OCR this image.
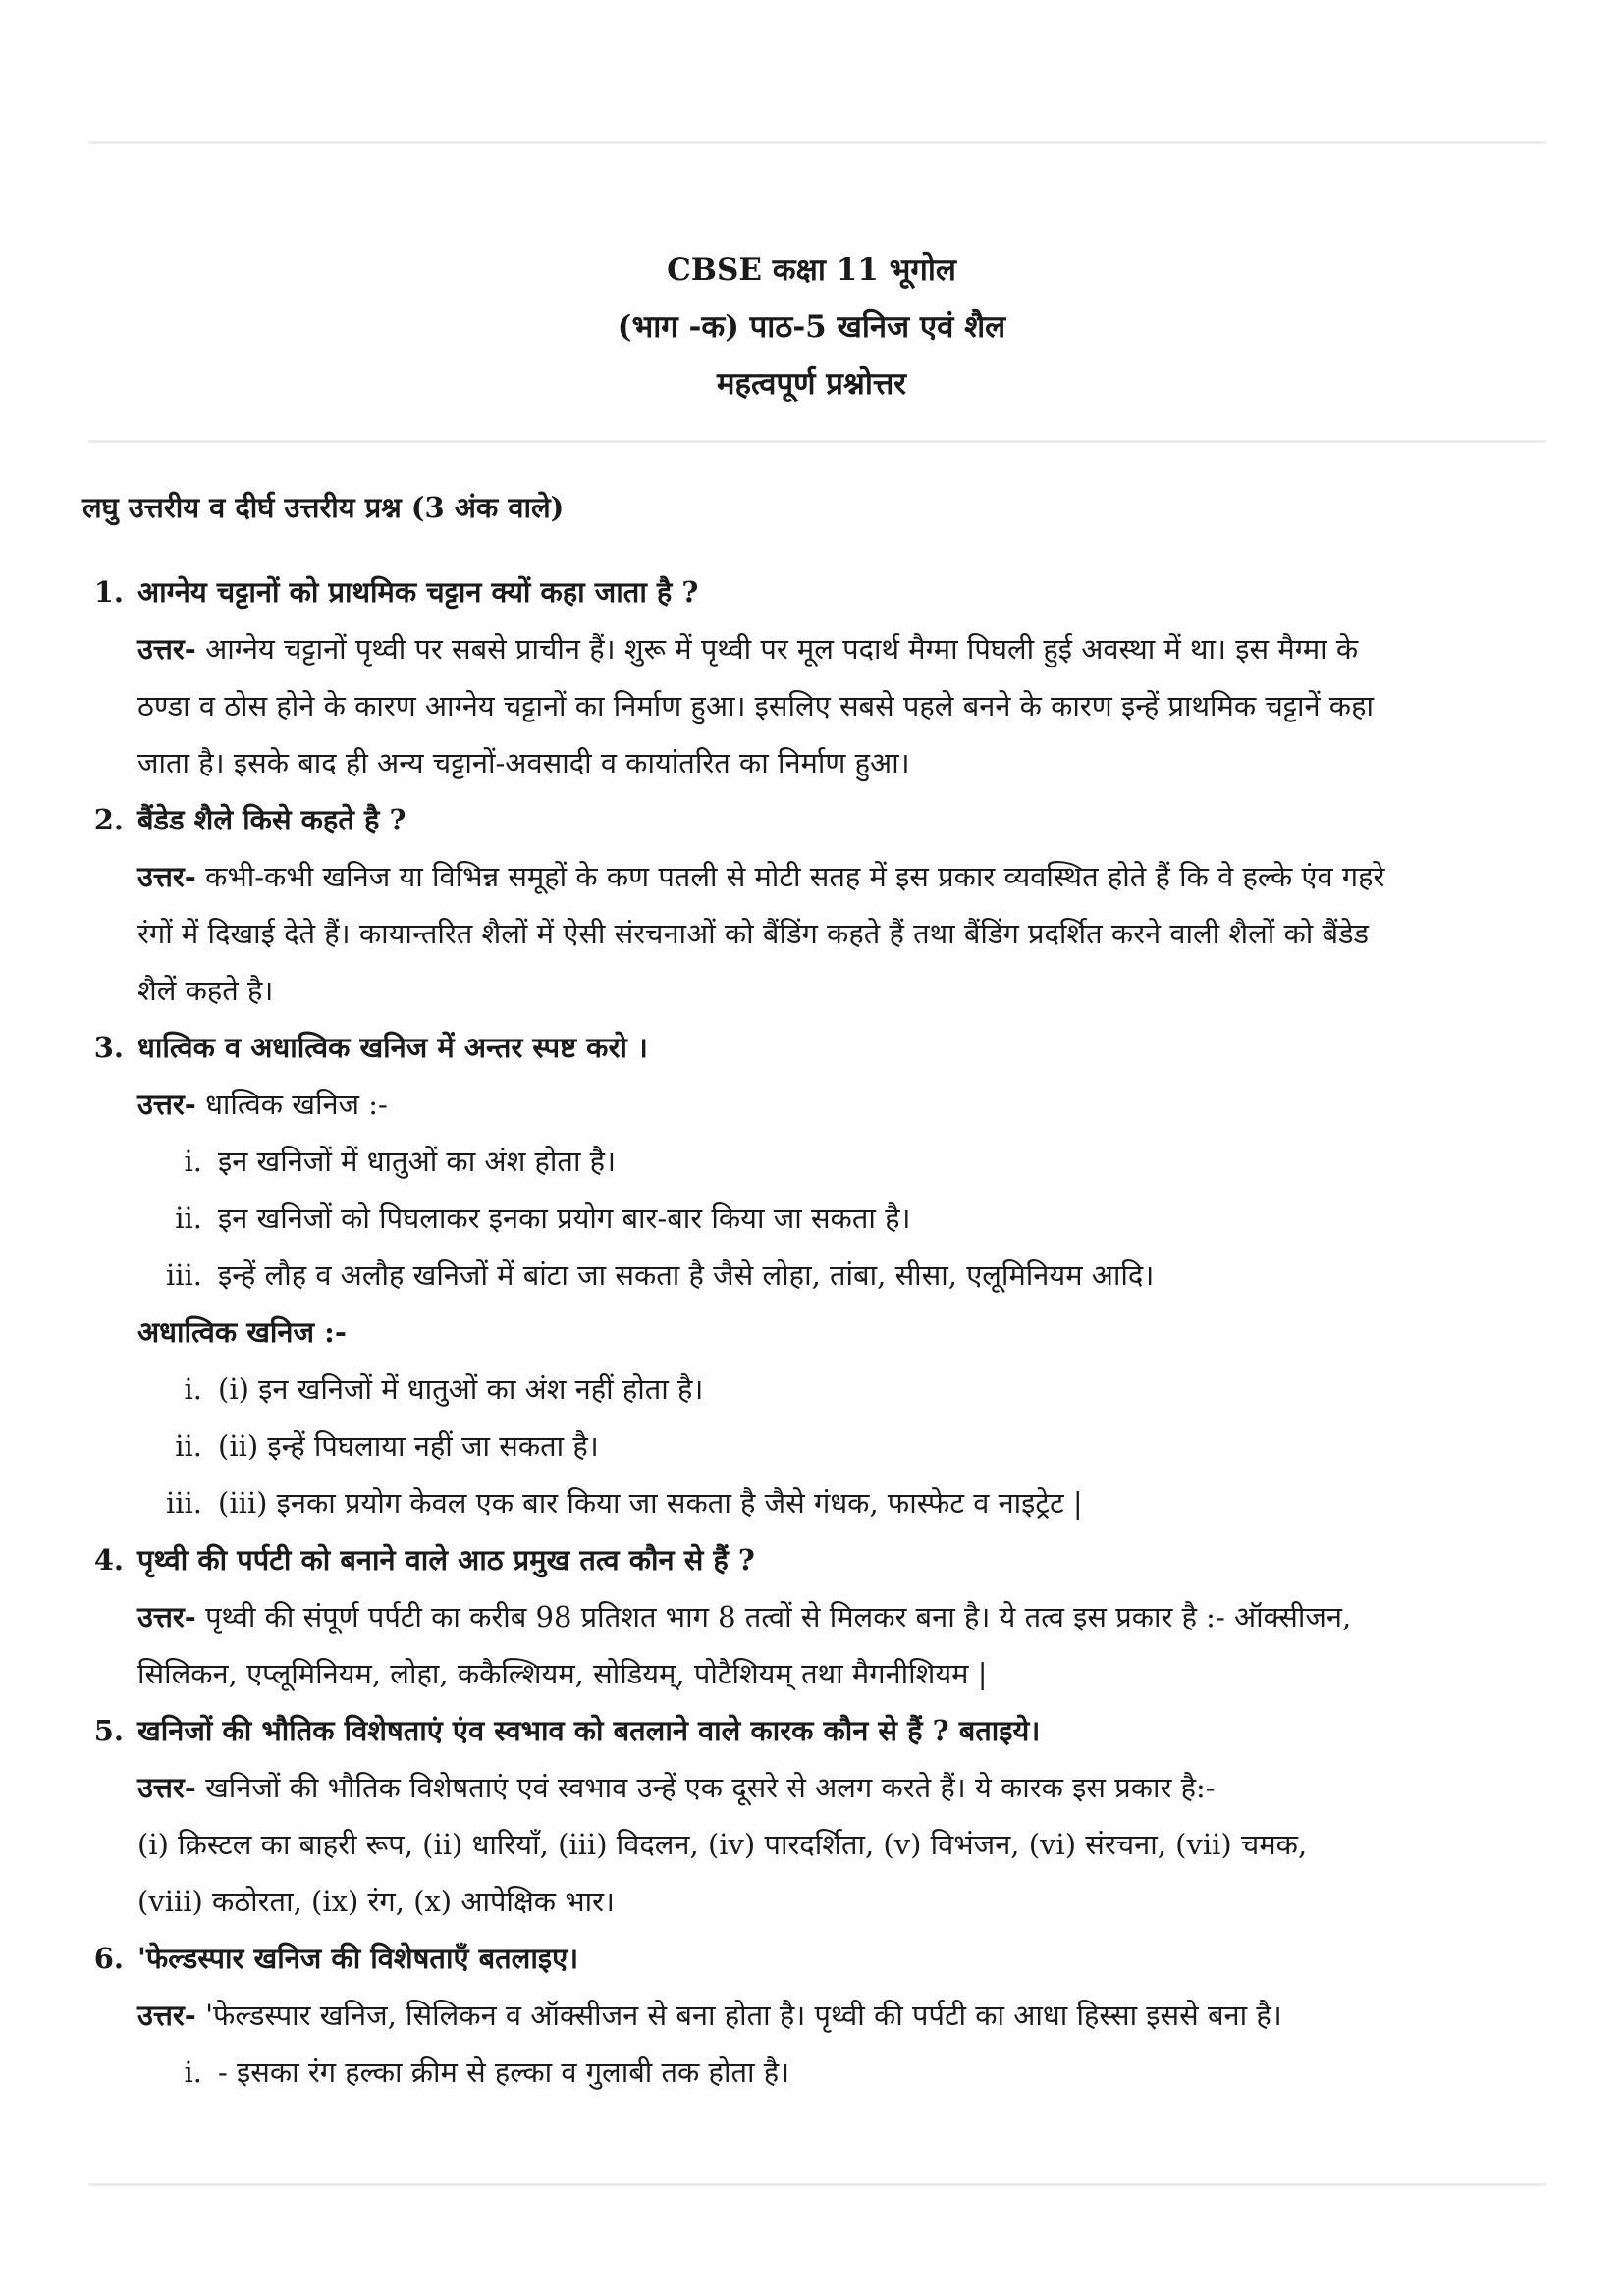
CBSE कक्षा 11 भूगोल
(भाग -क) पाठ-5 खनिज एवं शैल
महत्वपूर्ण प्रश्नोत्तर
लघु उत्तरीय व दीर्घ उत्तरीय प्रश्न (3 अंक वाले)
1. आग्नेय चट्टानों को प्राथमिक चट्टान क्यों कहा जाता है ?
उत्तर- आग्नेय चट्टानों पृथ्वी पर सबसे प्राचीन हैं। शुरू में पृथ्वी पर मूल पदार्थ मैग्मा पिघली हुई अवस्था में था। इस मैग्मा के
ठण्डा व ठोस होने के कारण आग्नेय चट्टानों का निर्माण हुआ। इसलिए सबसे पहले बनने के कारण इन्हें प्राथमिक चट्टानें कहा
जाता है। इसके बाद ही अन्य चट्टानों-अवसादी व कायांतरित का निर्माण हुआ।
2. बैंडेड शैले किसे कहते है ?
उत्तर- कभी-कभी खनिज या विभिन्न समूहों के कण पतली से मोटी सतह में इस प्रकार व्यवस्थित होते हैं कि वे हल्के एंव गहरे
रंगों में दिखाई देते हैं। कायान्तरित शैलों में ऐसी संरचनाओं को बैंडिंग कहते हैं तथा बैंडिंग प्रदर्शित करने वाली शैलों को बैंडेड
शैलें कहते है।
3. धात्विक व अधात्विक खनिज में अन्तर स्पष्ट करो ।
उत्तर- धात्विक खनिज :-
i. इन खनिजों में धातुओं का अंश होता है।
ii. इन खनिजों को पिघलाकर इनका प्रयोग बार-बार किया जा सकता है।
iii. इन्हें लौह व अलौह खनिजों में बांटा जा सकता है जैसे लोहा, तांबा, सीसा, एलूमिनियम आदि।
अधात्विक खनिज :-
i. (i) इन खनिजों में धातुओं का अंश नहीं होता है।
ii. (ii) इन्हें पिघलाया नहीं जा सकता है।
iii. (iii) इनका प्रयोग केवल एक बार किया जा सकता है जैसे गंधक, फास्फेट व नाइट्रेट |
4. पृथ्वी की पर्पटी को बनाने वाले आठ प्रमुख तत्व कौन से हैं ?
उत्तर- पृथ्वी की संपूर्ण पर्पटी का करीब 98 प्रतिशत भाग 8 तत्वों से मिलकर बना है। ये तत्व इस प्रकार है :- ऑक्सीजन,
सिलिकन, एप्लूमिनियम, लोहा, ककैल्शियम, सोडियम्, पोटैशियम् तथा मैगनीशियम |
5. खनिजों की भौतिक विशेषताएं एंव स्वभाव को बतलाने वाले कारक कौन से हैं ? बताइये।
उत्तर- खनिजों की भौतिक विशेषताएं एवं स्वभाव उन्हें एक दूसरे से अलग करते हैं। ये कारक इस प्रकार है:-
(i) क्रिस्टल का बाहरी रूप, (ii) धारियाँ, (iii) विदलन, (iv) पारदर्शिता, (v) विभंजन, (vi) संरचना, (vii) चमक,
(viii) कठोरता, (ix) रंग, (x) आपेक्षिक भार।
6. 'फेल्डस्पार खनिज की विशेषताएँ बतलाइए।
उत्तर- 'फेल्डस्पार खनिज, सिलिकन व ऑक्सीजन से बना होता है। पृथ्वी की पर्पटी का आधा हिस्सा इससे बना है।
i. - इसका रंग हल्का क्रीम से हल्का व गुलाबी तक होता है।
